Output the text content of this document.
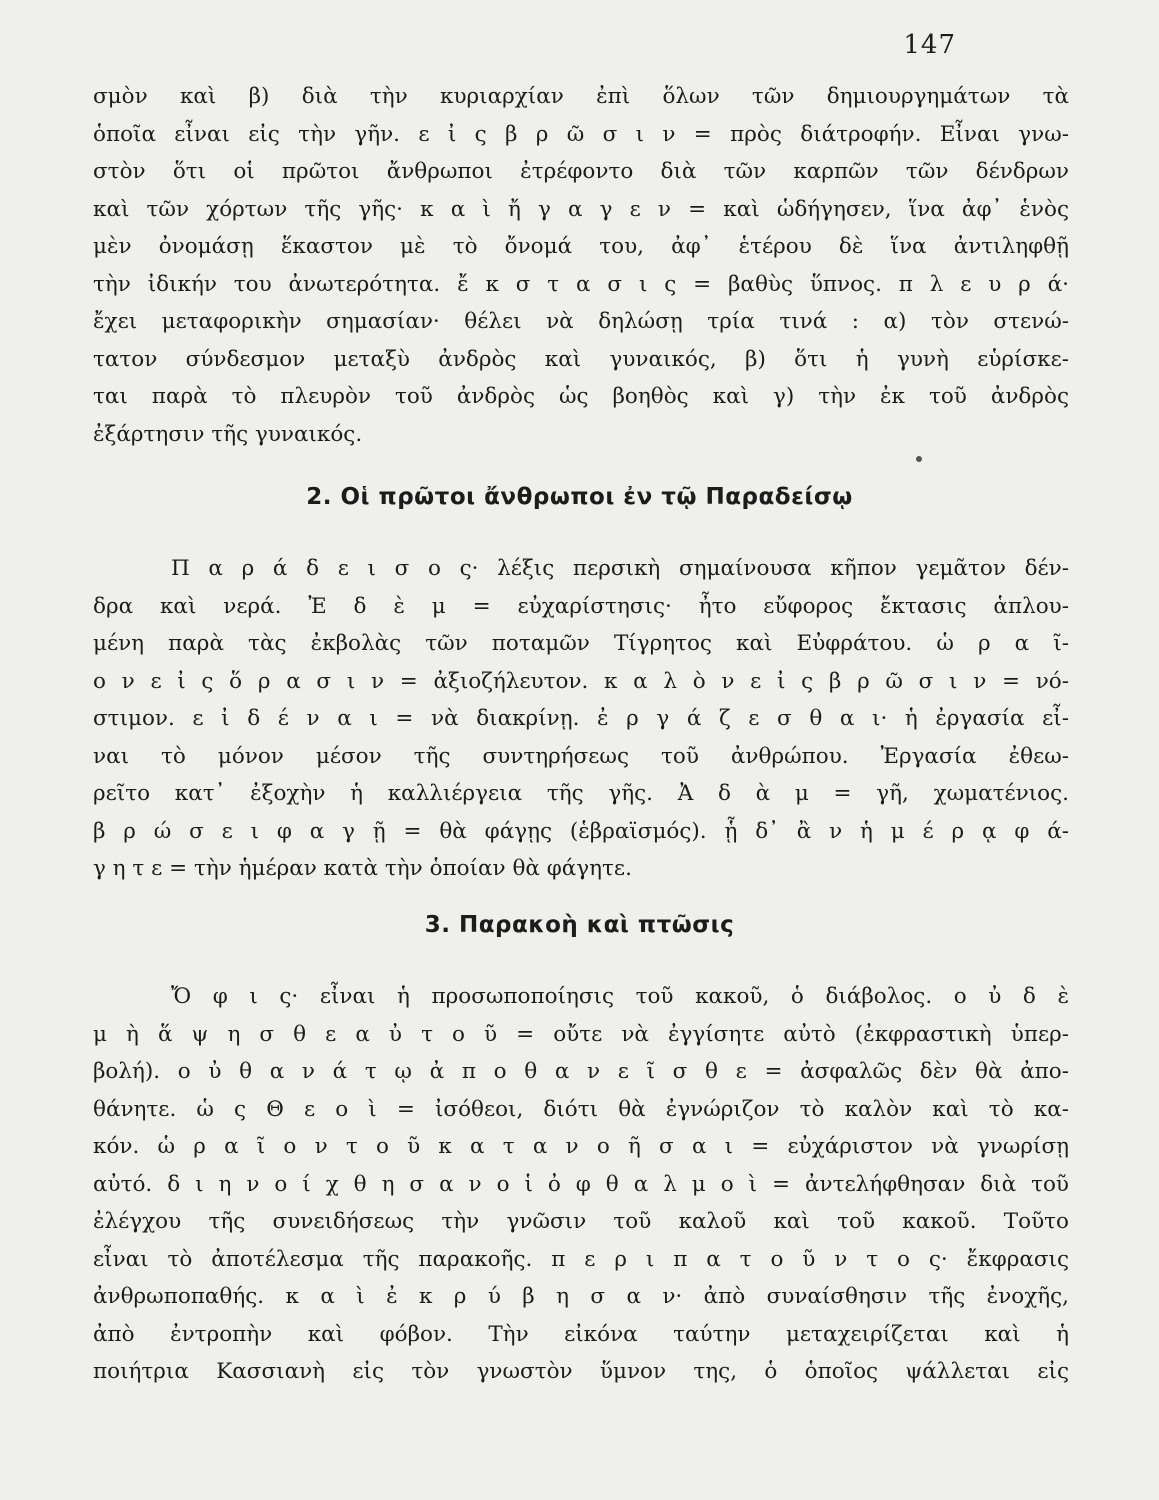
147
σμὸν καὶ β) διὰ τὴν κυριαρχίαν ἐπὶ ὅλων τῶν δημιουργημάτων τὰ
ὁποῖα εἶναι εἰς τὴν γῆν. ε ἰ ς β ρ ῶ σ ι ν = πρὸς διάτροφήν. Εἶναι γνω-
στὸν ὅτι οἱ πρῶτοι ἄνθρωποι ἐτρέφοντο διὰ τῶν καρπῶν τῶν δένδρων
καὶ τῶν χόρτων τῆς γῆς· κ α ὶ ἤ γ α γ ε ν = καὶ ὡδήγησεν, ἵνα ἀφ᾽ ἑνὸς
μὲν ὀνομάσῃ ἕκαστον μὲ τὸ ὄνομά του, ἀφ᾽ ἑτέρου δὲ ἵνα ἀντιληφθῇ
τὴν ἰδικήν του ἀνωτερότητα. ἔ κ σ τ α σ ι ς = βαθὺς ὕπνος. π λ ε υ ρ ά·
ἔχει μεταφορικὴν σημασίαν· θέλει νὰ δηλώσῃ τρία τινά : α) τὸν στενώ-
τατον σύνδεσμον μεταξὺ ἀνδρὸς καὶ γυναικός, β) ὅτι ἡ γυνὴ εὑρίσκε-
ται παρὰ τὸ πλευρὸν τοῦ ἀνδρὸς ὡς βοηθὸς καὶ γ) τὴν ἐκ τοῦ ἀνδρὸς
ἐξάρτησιν τῆς γυναικός.
2. Οἱ πρῶτοι ἄνθρωποι ἐν τῷ Παραδείσῳ
Π α ρ ά δ ε ι σ ο ς· λέξις περσικὴ σημαίνουσα κῆπον γεμᾶτον δέν-
δρα καὶ νερά. Ἐ δ ὲ μ = εὐχαρίστησις· ἦτο εὔφορος ἔκτασις ἁπλου-
μένη παρὰ τὰς ἐκβολὰς τῶν ποταμῶν Τίγρητος καὶ Εὐφράτου. ὡ ρ α ῖ-
ο ν ε ἰ ς ὅ ρ α σ ι ν = ἀξιοζήλευτον. κ α λ ὸ ν ε ἰ ς β ρ ῶ σ ι ν = νό-
στιμον. ε ἰ δ έ ν α ι = νὰ διακρίνῃ. ἐ ρ γ ά ζ ε σ θ α ι· ἡ ἐργασία εἶ-
ναι τὸ μόνον μέσον τῆς συντηρήσεως τοῦ ἀνθρώπου. Ἐργασία ἐθεω-
ρεῖτο κατ᾽ ἐξοχὴν ἡ καλλιέργεια τῆς γῆς. Ἀ δ ὰ μ = γῆ, χωματένιος.
β ρ ώ σ ε ι φ α γ ῇ = θὰ φάγῃς (ἑβραϊσμός). ᾗ δ᾽ ἂ ν ἡ μ έ ρ ᾳ φ ά-
γ η τ ε = τὴν ἡμέραν κατὰ τὴν ὁποίαν θὰ φάγητε.
3. Παρακοὴ καὶ πτῶσις
Ὄ φ ι ς· εἶναι ἡ προσωποποίησις τοῦ κακοῦ, ὁ διάβολος. ο ὐ δ ὲ
μ ὴ ἅ ψ η σ θ ε α ὐ τ ο ῦ = οὔτε νὰ ἐγγίσητε αὐτὸ (ἐκφραστικὴ ὑπερ-
βολή). ο ὐ θ α ν ά τ ῳ ἀ π ο θ α ν ε ῖ σ θ ε = ἀσφαλῶς δὲν θὰ ἀπο-
θάνητε. ὡ ς Θ ε ο ὶ = ἰσόθεοι, διότι θὰ ἐγνώριζον τὸ καλὸν καὶ τὸ κα-
κόν. ὡ ρ α ῖ ο ν τ ο ῦ κ α τ α ν ο ῆ σ α ι = εὐχάριστον νὰ γνωρίσῃ
αὐτό. δ ι η ν ο ί χ θ η σ α ν ο ἱ ὀ φ θ α λ μ ο ὶ = ἀντελήφθησαν διὰ τοῦ
ἐλέγχου τῆς συνειδήσεως τὴν γνῶσιν τοῦ καλοῦ καὶ τοῦ κακοῦ. Τοῦτο
εἶναι τὸ ἀποτέλεσμα τῆς παρακοῆς. π ε ρ ι π α τ ο ῦ ν τ ο ς· ἔκφρασις
ἀνθρωποπαθής. κ α ὶ ἐ κ ρ ύ β η σ α ν· ἀπὸ συναίσθησιν τῆς ἐνοχῆς,
ἀπὸ ἐντροπὴν καὶ φόβον. Τὴν εἰκόνα ταύτην μεταχειρίζεται καὶ ἡ
ποιήτρια Κασσιανὴ εἰς τὸν γνωστὸν ὕμνον της, ὁ ὁποῖος ψάλλεται εἰς
